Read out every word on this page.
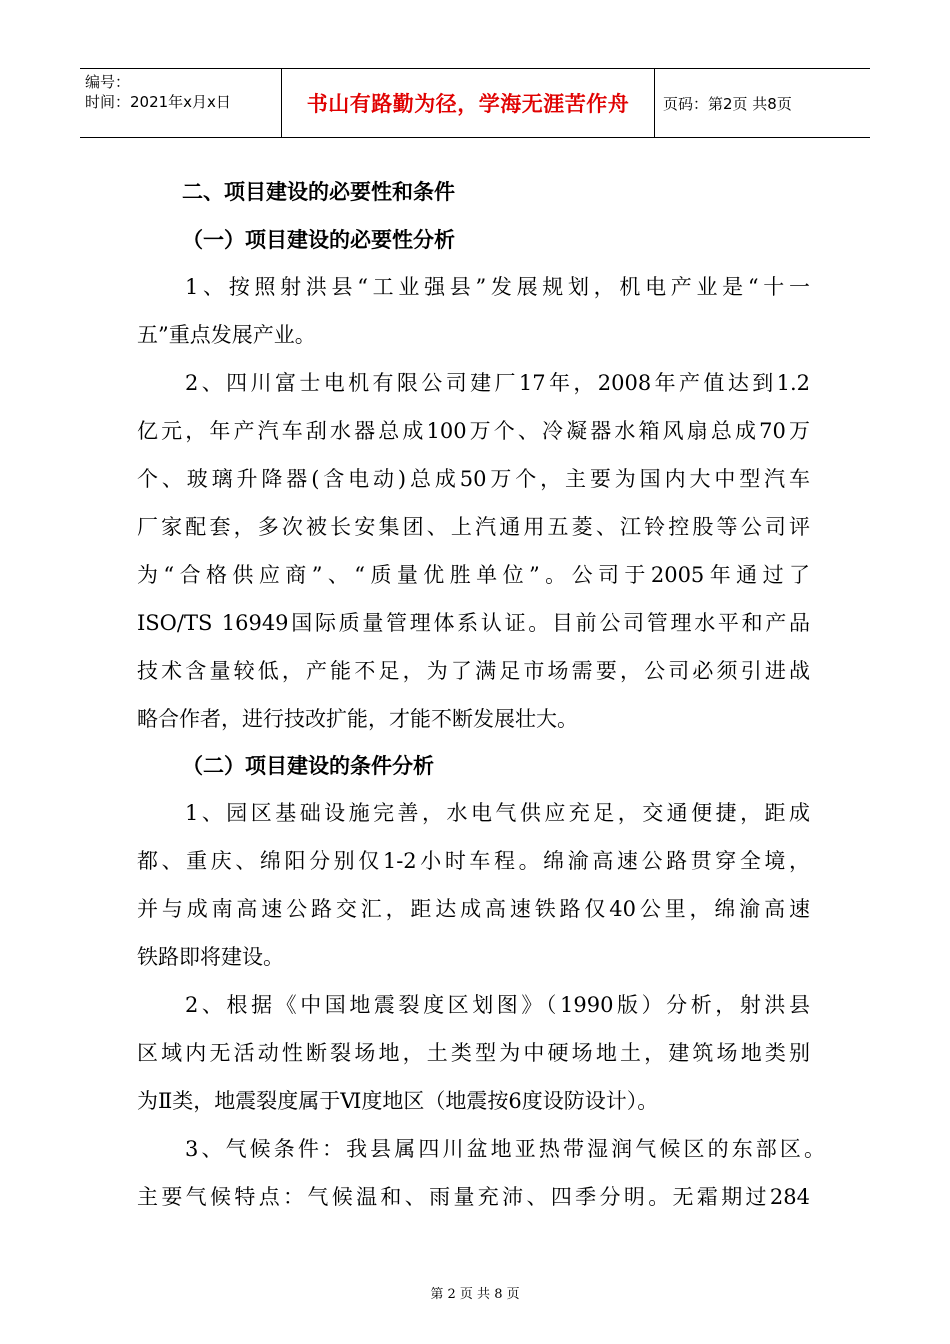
编号：
时间：2021年x月x日	书山有路勤为径，学海无涯苦作舟	页码：第2页 共8页
二、项目建设的必要性和条件
（一）项目建设的必要性分析
1、按照射洪县“工业强县”发展规划，机电产业是“十一
五”重点发展产业。
2、四川富士电机有限公司建厂17年，2008年产值达到1.2
亿元，年产汽车刮水器总成100万个、冷凝器水箱风扇总成70万
个、玻璃升降器(含电动)总成50万个，主要为国内大中型汽车
厂家配套，多次被长安集团、上汽通用五菱、江铃控股等公司评
为“合格供应商”、“质量优胜单位”。公司于2005年通过了
ISO/TS 16949国际质量管理体系认证。目前公司管理水平和产品
技术含量较低，产能不足，为了满足市场需要，公司必须引进战
略合作者，进行技改扩能，才能不断发展壮大。
（二）项目建设的条件分析
1、园区基础设施完善，水电气供应充足，交通便捷，距成
都、重庆、绵阳分别仅1-2小时车程。绵渝高速公路贯穿全境，
并与成南高速公路交汇，距达成高速铁路仅40公里，绵渝高速
铁路即将建设。
2、根据《中国地震裂度区划图》（1990版）分析，射洪县
区域内无活动性断裂场地，土类型为中硬场地土，建筑场地类别
为Ⅱ类，地震裂度属于Ⅵ度地区（地震按6度设防设计）。
3、气候条件：我县属四川盆地亚热带湿润气候区的东部区。
主要气候特点：气候温和、雨量充沛、四季分明。无霜期过284
第 2 页 共 8 页
